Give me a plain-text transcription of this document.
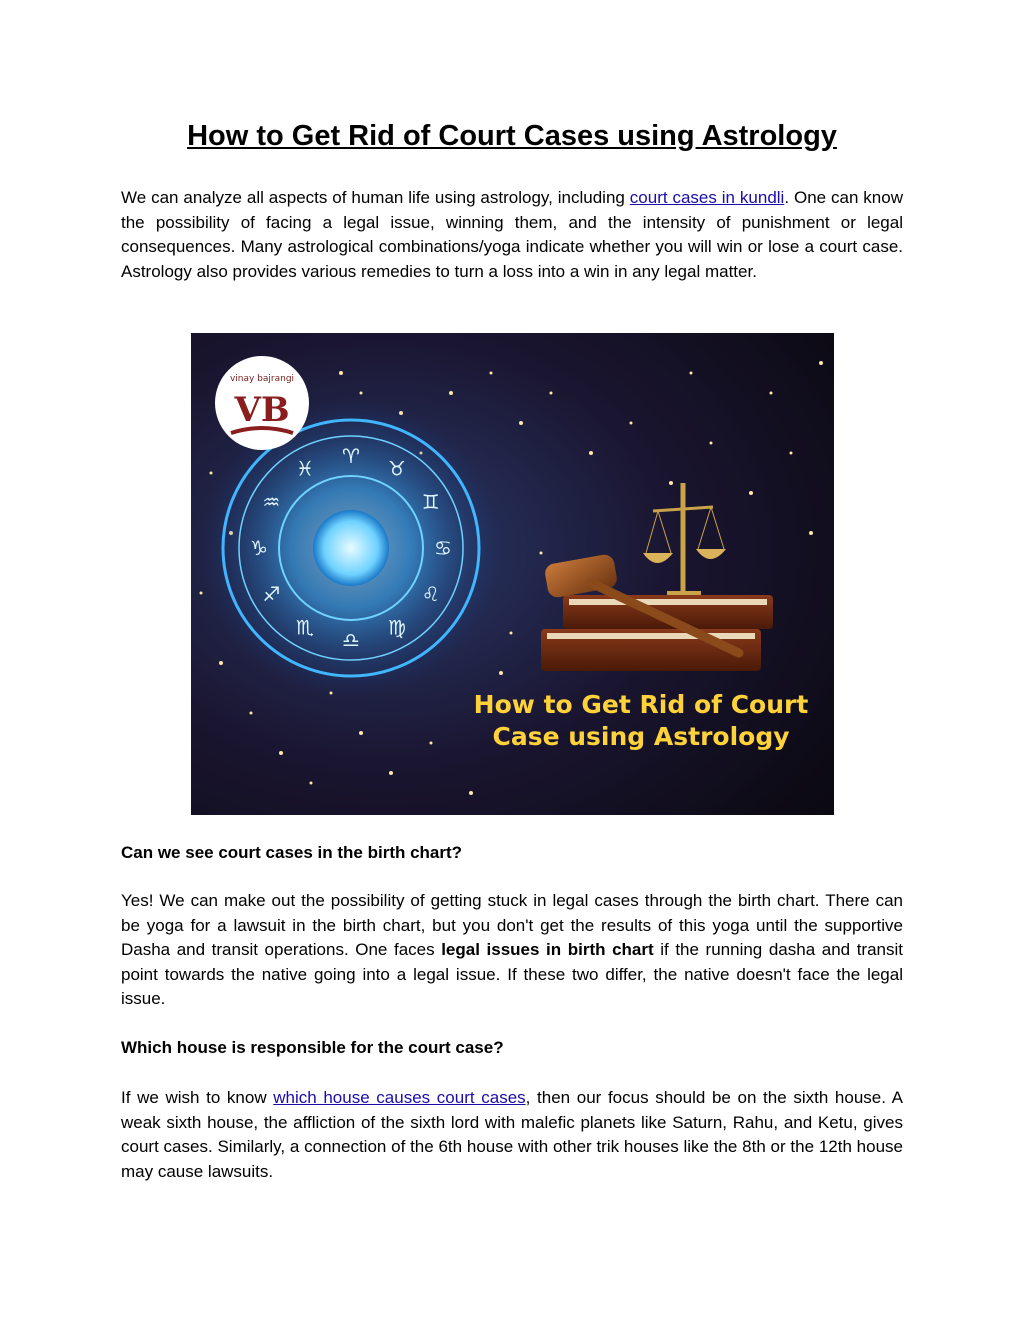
How to Get Rid of Court Cases using Astrology

We can analyze all aspects of human life using astrology, including court cases in kundli. One can know the possibility of facing a legal issue, winning them, and the intensity of punishment or legal consequences. Many astrological combinations/yoga indicate whether you will win or lose a court case. Astrology also provides various remedies to turn a loss into a win in any legal matter.

♈
♉
♊
♋
♌
♍
♎
♏
♐
♑
♒
♓
vinay bajrangi
VB
How to Get Rid of Court
Case using Astrology
Can we see court cases in the birth chart?

Yes! We can make out the possibility of getting stuck in legal cases through the birth chart. There can be yoga for a lawsuit in the birth chart, but you don't get the results of this yoga until the supportive Dasha and transit operations. One faces legal issues in birth chart if the running dasha and transit point towards the native going into a legal issue. If these two differ, the native doesn't face the legal issue.

Which house is responsible for the court case?

If we wish to know which house causes court cases, then our focus should be on the sixth house. A weak sixth house, the affliction of the sixth lord with malefic planets like Saturn, Rahu, and Ketu, gives court cases. Similarly, a connection of the 6th house with other trik houses like the 8th or the 12th house may cause lawsuits.
